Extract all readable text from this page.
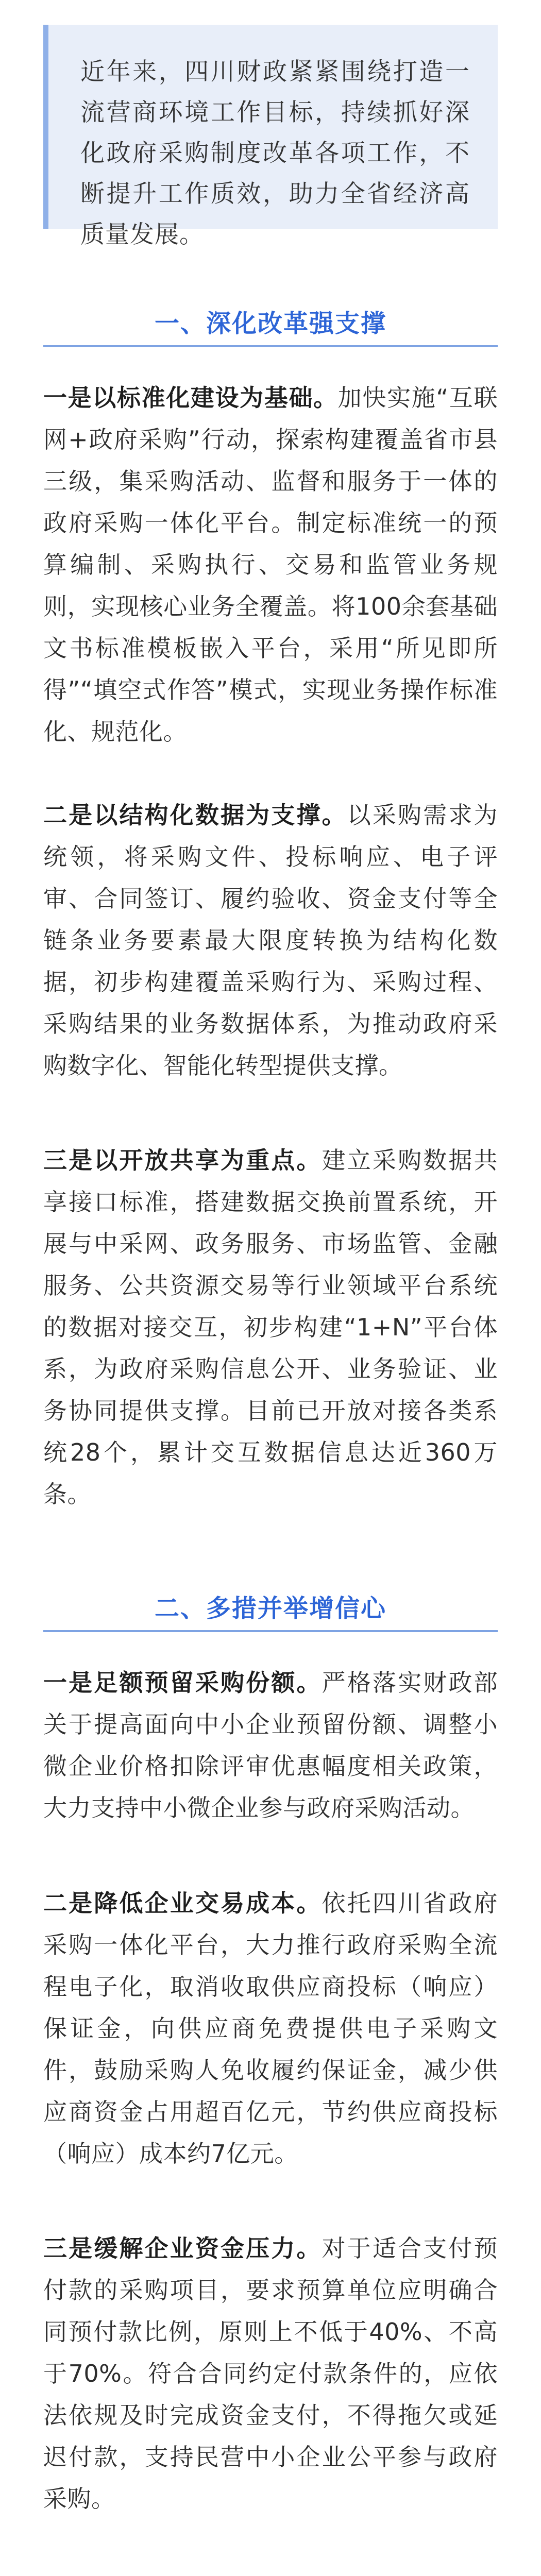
近年来，四川财政紧紧围绕打造一流营商环境工作目标，持续抓好深化政府采购制度改革各项工作，不断提升工作质效，助力全省经济高质量发展。

一、深化改革强支撑

一是以标准化建设为基础。加快实施“互联网+政府采购”行动，探索构建覆盖省市县三级，集采购活动、监督和服务于一体的政府采购一体化平台。制定标准统一的预算编制、采购执行、交易和监管业务规则，实现核心业务全覆盖。将100余套基础文书标准模板嵌入平台，采用“所见即所得”“填空式作答”模式，实现业务操作标准化、规范化。

二是以结构化数据为支撑。以采购需求为统领，将采购文件、投标响应、电子评审、合同签订、履约验收、资金支付等全链条业务要素最大限度转换为结构化数据，初步构建覆盖采购行为、采购过程、采购结果的业务数据体系，为推动政府采购数字化、智能化转型提供支撑。

三是以开放共享为重点。建立采购数据共享接口标准，搭建数据交换前置系统，开展与中采网、政务服务、市场监管、金融服务、公共资源交易等行业领域平台系统的数据对接交互，初步构建“1+N”平台体系，为政府采购信息公开、业务验证、业务协同提供支撑。目前已开放对接各类系统28个，累计交互数据信息达近360万条。

二、多措并举增信心

一是足额预留采购份额。严格落实财政部关于提高面向中小企业预留份额、调整小微企业价格扣除评审优惠幅度相关政策，大力支持中小微企业参与政府采购活动。

二是降低企业交易成本。依托四川省政府采购一体化平台，大力推行政府采购全流程电子化，取消收取供应商投标（响应）保证金，向供应商免费提供电子采购文件，鼓励采购人免收履约保证金，减少供应商资金占用超百亿元，节约供应商投标（响应）成本约7亿元。

三是缓解企业资金压力。对于适合支付预付款的采购项目，要求预算单位应明确合同预付款比例，原则上不低于40%、不高于70%。符合合同约定付款条件的，应依法依规及时完成资金支付，不得拖欠或延迟付款，支持民营中小企业公平参与政府采购。
